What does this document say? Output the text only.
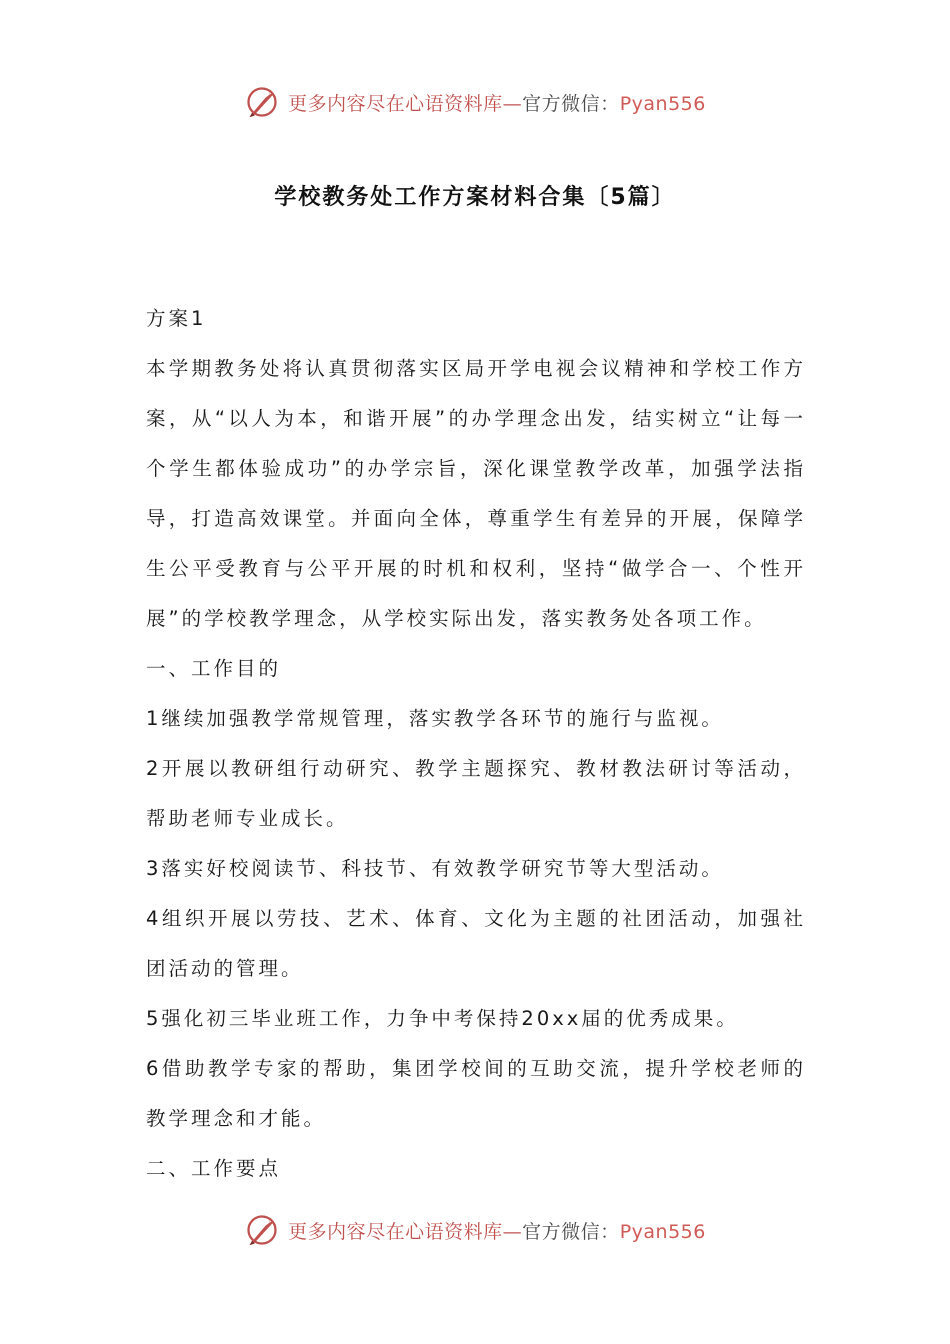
更多内容尽在心语资料库—官方微信：Pyan556
学校教务处工作方案材料合集〔5篇〕

方案1

本学期教务处将认真贯彻落实区局开学电视会议精神和学校工作方案，从“以人为本，和谐开展”的办学理念出发，结实树立“让每一个学生都体验成功”的办学宗旨，深化课堂教学改革，加强学法指导，打造高效课堂。并面向全体，尊重学生有差异的开展，保障学生公平受教育与公平开展的时机和权利，坚持“做学合一、个性开展”的学校教学理念，从学校实际出发，落实教务处各项工作。

一、工作目的

1继续加强教学常规管理，落实教学各环节的施行与监视。

2开展以教研组行动研究、教学主题探究、教材教法研讨等活动，帮助老师专业成长。

3落实好校阅读节、科技节、有效教学研究节等大型活动。

4组织开展以劳技、艺术、体育、文化为主题的社团活动，加强社团活动的管理。

5强化初三毕业班工作，力争中考保持20xx届的优秀成果。

6借助教学专家的帮助，集团学校间的互助交流，提升学校老师的教学理念和才能。

二、工作要点

更多内容尽在心语资料库—官方微信：Pyan556
